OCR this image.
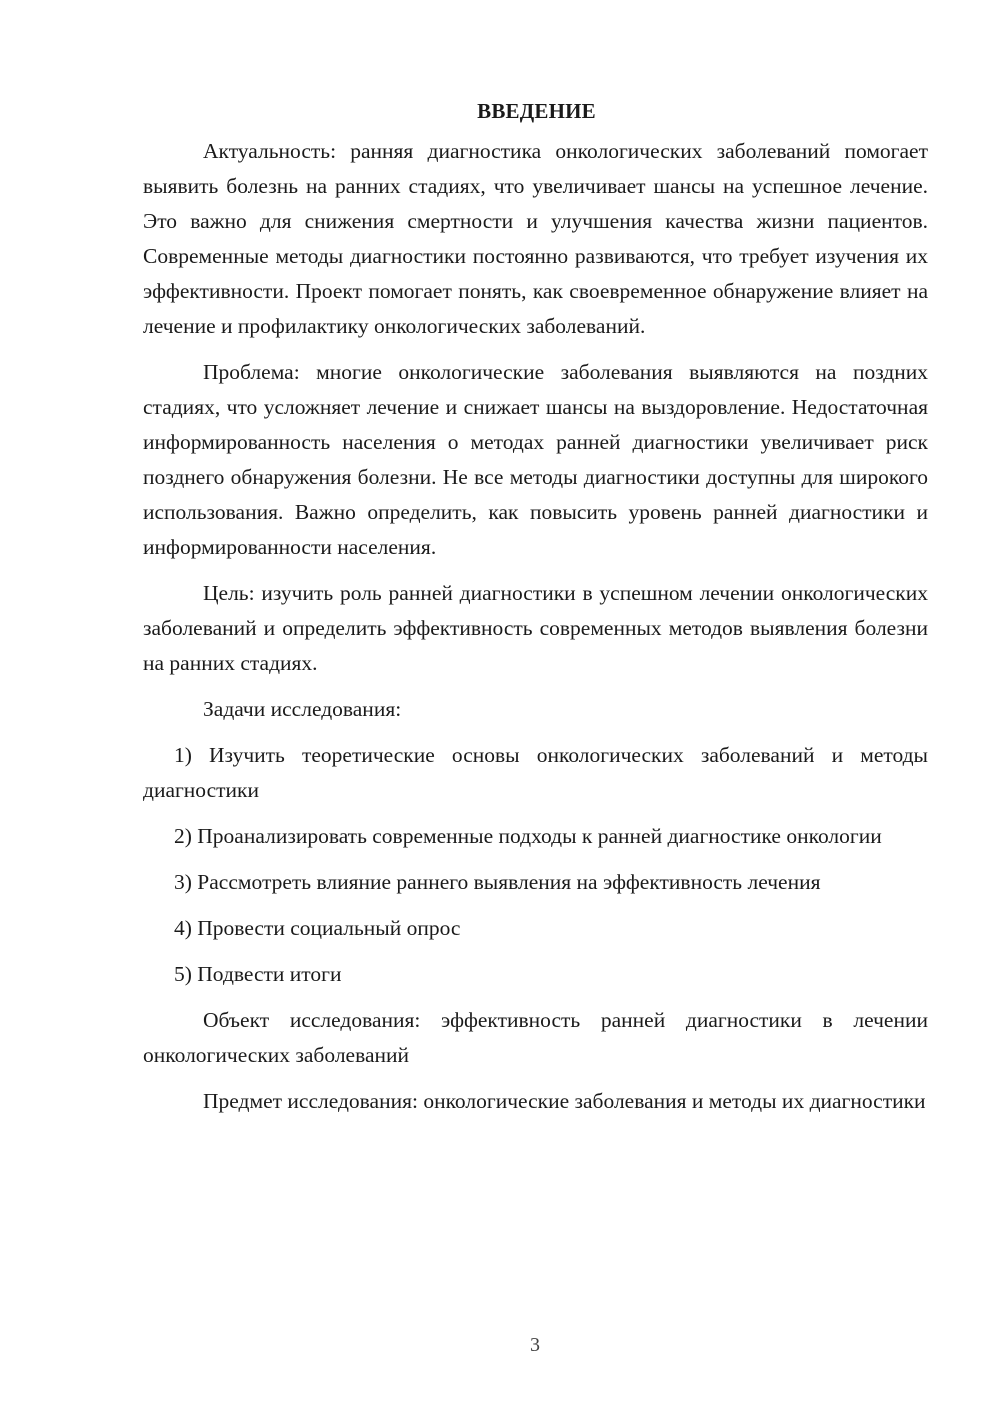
ВВЕДЕНИЕ

Актуальность: ранняя диагностика онкологических заболеваний помогает выявить болезнь на ранних стадиях, что увеличивает шансы на успешное лечение. Это важно для снижения смертности и улучшения качества жизни пациентов. Современные методы диагностики постоянно развиваются, что требует изучения их эффективности. Проект помогает понять, как своевременное обнаружение влияет на лечение и профилактику онкологических заболеваний.

Проблема: многие онкологические заболевания выявляются на поздних стадиях, что усложняет лечение и снижает шансы на выздоровление. Недостаточная информированность населения о методах ранней диагностики увеличивает риск позднего обнаружения болезни. Не все методы диагностики доступны для широкого использования. Важно определить, как повысить уровень ранней диагностики и информированности населения.

Цель: изучить роль ранней диагностики в успешном лечении онкологических заболеваний и определить эффективность современных методов выявления болезни на ранних стадиях.

Задачи исследования:

1) Изучить теоретические основы онкологических заболеваний и методы диагностики

2) Проанализировать современные подходы к ранней диагностике онкологии

3) Рассмотреть влияние раннего выявления на эффективность лечения

4) Провести социальный опрос

5) Подвести итоги

Объект исследования: эффективность ранней диагностики в лечении онкологических заболеваний

Предмет исследования: онкологические заболевания и методы их диагностики

3
